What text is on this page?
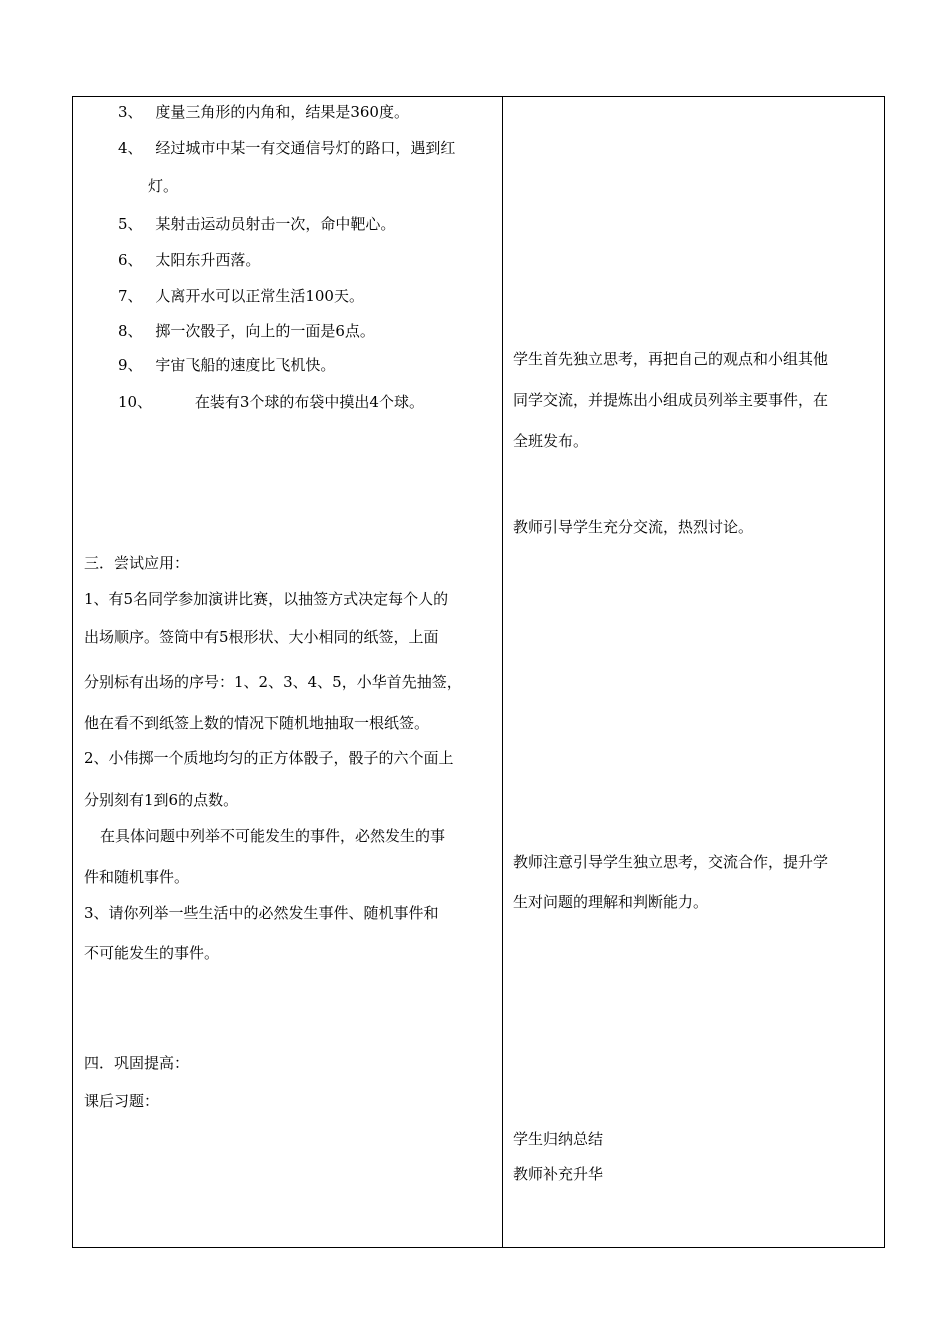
3、 度量三角形的内角和，结果是360度。
4、 经过城市中某一有交通信号灯的路口，遇到红
灯。
5、 某射击运动员射击一次，命中靶心。
6、 太阳东升西落。
7、 人离开水可以正常生活100天。
8、 掷一次骰子，向上的一面是6点。
9、 宇宙飞船的速度比飞机快。
10、	在装有3个球的布袋中摸出4个球。
三．尝试应用：
1、有5名同学参加演讲比赛，以抽签方式决定每个人的
出场顺序。签筒中有5根形状、大小相同的纸签，上面
分别标有出场的序号：1、2、3、4、5，小华首先抽签，
他在看不到纸签上数的情况下随机地抽取一根纸签。
2、小伟掷一个质地均匀的正方体骰子，骰子的六个面上
分别刻有1到6的点数。
在具体问题中列举不可能发生的事件，必然发生的事
件和随机事件。
3、请你列举一些生活中的必然发生事件、随机事件和
不可能发生的事件。
四．巩固提高：
课后习题：
学生首先独立思考，再把自己的观点和小组其他
同学交流，并提炼出小组成员列举主要事件，在
全班发布。
教师引导学生充分交流，热烈讨论。
教师注意引导学生独立思考，交流合作，提升学
生对问题的理解和判断能力。
学生归纳总结
教师补充升华
